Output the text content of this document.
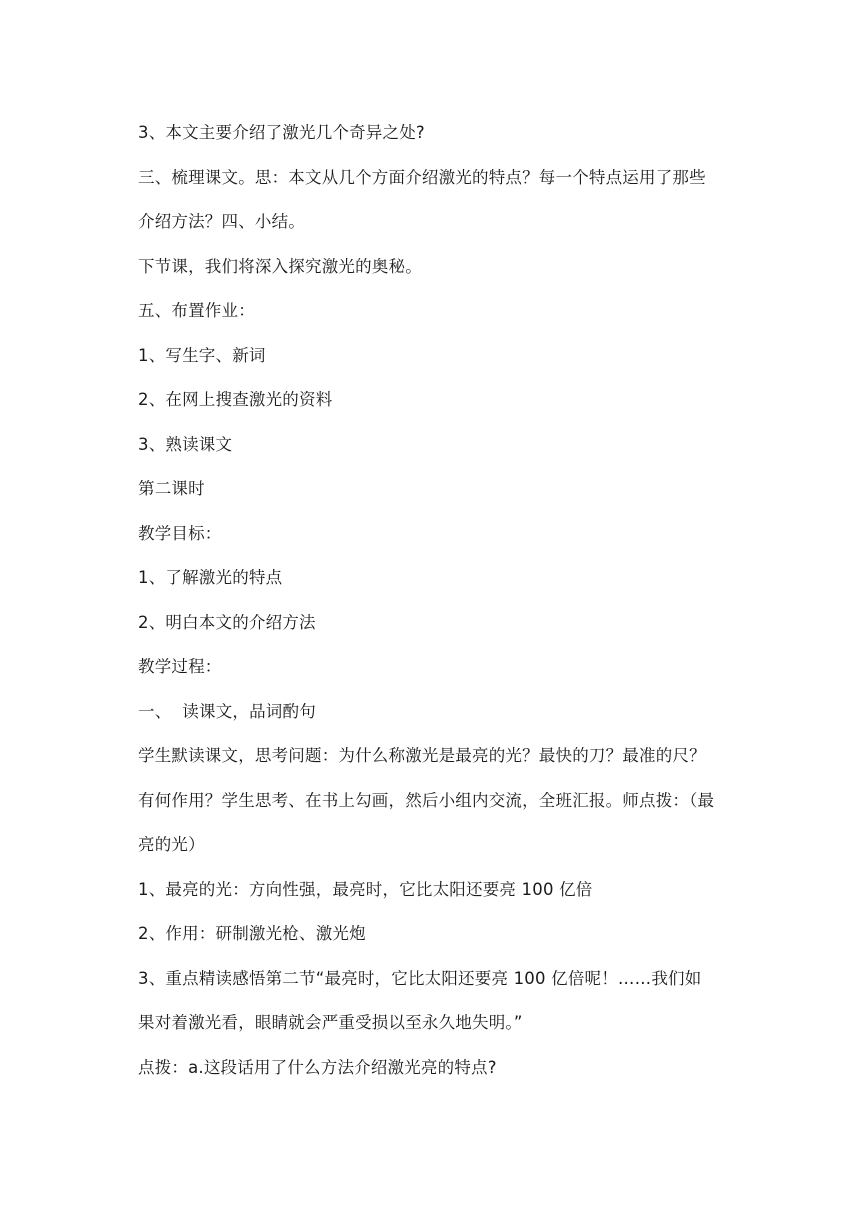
3、本文主要介绍了激光几个奇异之处?
三、梳理课文。思：本文从几个方面介绍激光的特点？每一个特点运用了那些
介绍方法？四、小结。
下节课，我们将深入探究激光的奥秘。
五、布置作业：
1、写生字、新词
2、在网上搜查激光的资料
3、熟读课文
第二课时
教学目标：
1、了解激光的特点
2、明白本文的介绍方法
教学过程：
一、  读课文，品词酌句
学生默读课文，思考问题：为什么称激光是最亮的光？最快的刀？最准的尺？
有何作用？学生思考、在书上勾画，然后小组内交流，全班汇报。师点拨：（最
亮的光）
1、最亮的光：方向性强，最亮时，它比太阳还要亮 100 亿倍
2、作用：研制激光枪、激光炮
3、重点精读感悟第二节“最亮时，它比太阳还要亮 100 亿倍呢！……我们如
果对着激光看，眼睛就会严重受损以至永久地失明。”
点拨：a.这段话用了什么方法介绍激光亮的特点?
